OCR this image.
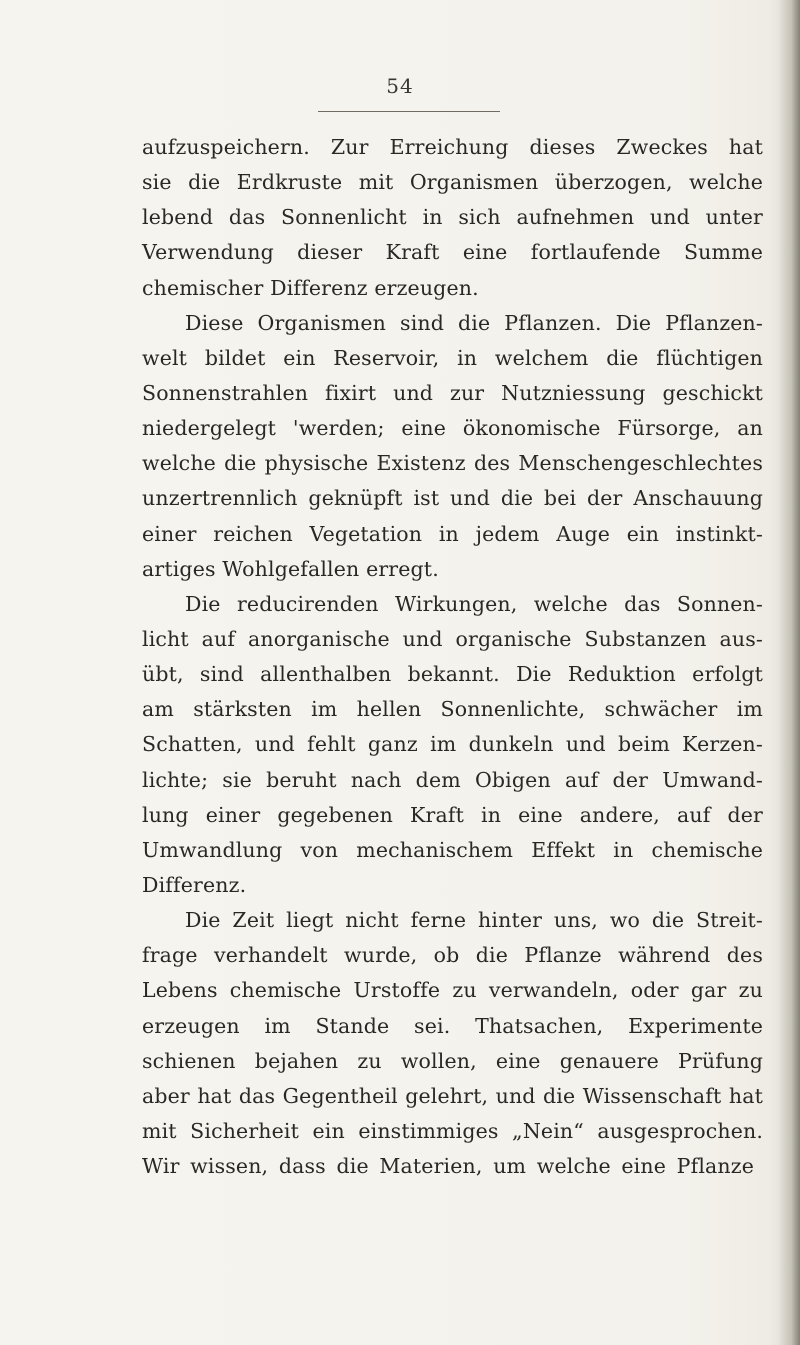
54
aufzuspeichern. Zur Erreichung dieses Zweckes hat
sie die Erdkruste mit Organismen überzogen, welche
lebend das Sonnenlicht in sich aufnehmen und unter
Verwendung dieser Kraft eine fortlaufende Summe
chemischer Differenz erzeugen.
Diese Organismen sind die Pflanzen. Die Pflanzen-
welt bildet ein Reservoir, in welchem die flüchtigen
Sonnenstrahlen fixirt und zur Nutzniessung geschickt
niedergelegt 'werden; eine ökonomische Fürsorge, an
welche die physische Existenz des Menschengeschlechtes
unzertrennlich geknüpft ist und die bei der Anschauung
einer reichen Vegetation in jedem Auge ein instinkt-
artiges Wohlgefallen erregt.
Die reducirenden Wirkungen, welche das Sonnen-
licht auf anorganische und organische Substanzen aus-
übt, sind allenthalben bekannt. Die Reduktion erfolgt
am stärksten im hellen Sonnenlichte, schwächer im
Schatten, und fehlt ganz im dunkeln und beim Kerzen-
lichte; sie beruht nach dem Obigen auf der Umwand-
lung einer gegebenen Kraft in eine andere, auf der
Umwandlung von mechanischem Effekt in chemische
Differenz.
Die Zeit liegt nicht ferne hinter uns, wo die Streit-
frage verhandelt wurde, ob die Pflanze während des
Lebens chemische Urstoffe zu verwandeln, oder gar zu
erzeugen im Stande sei. Thatsachen, Experimente
schienen bejahen zu wollen, eine genauere Prüfung
aber hat das Gegentheil gelehrt, und die Wissenschaft hat
mit Sicherheit ein einstimmiges „Nein“ ausgesprochen.
Wir wissen, dass die Materien, um welche eine Pflanze
